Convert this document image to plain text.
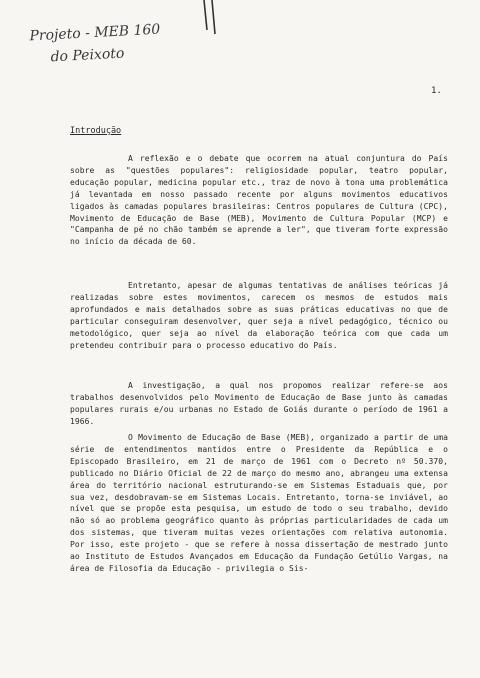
Projeto - MEB 160
do Peixoto
1.
Introdução

A reflexão e o debate que ocorrem na atual conjuntura do País sobre as "questões populares": religiosidade popular, teatro popular, educação popular, medicina popular etc., traz de novo à tona uma problemática já levantada em nosso passado recente por alguns movimentos educativos ligados às camadas populares brasileiras: Centros populares de Cultura (CPC), Movimento de Educação de Base (MEB), Movimento de Cultura Popular (MCP) e "Campanha de pé no chão também se aprende a ler", que tiveram forte expressão no início da década de 60.

Entretanto, apesar de algumas tentativas de análises teóricas já realizadas sobre estes movimentos, carecem os mesmos de estudos mais aprofundados e mais detalhados sobre as suas práticas educativas no que de particular conseguiram desenvolver, quer seja a nível pedagógico, técnico ou metodológico, quer seja ao nível da elaboração teórica com que cada um pretendeu contribuir para o processo educativo do País.

A investigação, a qual nos propomos realizar refere-se aos trabalhos desenvolvidos pelo Movimento de Educação de Base junto às camadas populares rurais e/ou urbanas no Estado de Goiás durante o período de 1961 a 1966.

O Movimento de Educação de Base (MEB), organizado a partir de uma série de entendimentos mantidos entre o Presidente da República e o Episcopado Brasileiro, em 21 de março de 1961 com o Decreto nº 50.370, publicado no Diário Oficial de 22 de março do mesmo ano, abrangeu uma extensa área do território nacional estruturando-se em Sistemas Estaduais que, por sua vez, desdobravam-se em Sistemas Locais. Entretanto, torna-se inviável, ao nível que se propõe esta pesquisa, um estudo de todo o seu trabalho, devido não só ao problema geográfico quanto às próprias particularidades de cada um dos sistemas, que tiveram muitas vezes orientações com relativa autonomia. Por isso, este projeto - que se refere à nossa dissertação de mestrado junto ao Instituto de Estudos Avançados em Educação da Fundação Getúlio Vargas, na área de Filosofia da Educação - privilegia o Sis-
